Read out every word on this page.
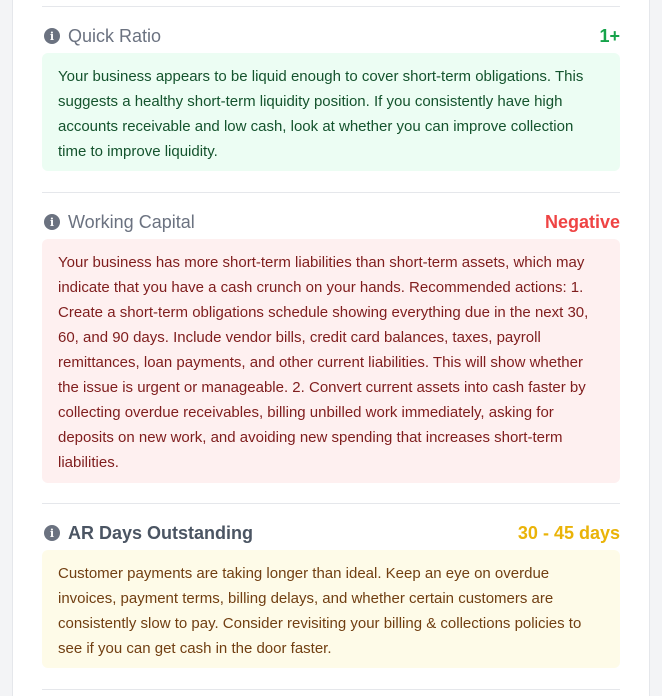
i Quick Ratio	1+
Your business appears to be liquid enough to cover short-term obligations. This suggests a healthy short-term liquidity position. If you consistently have high accounts receivable and low cash, look at whether you can improve collection time to improve liquidity.
i Working Capital	Negative
Your business has more short-term liabilities than short-term assets, which may indicate that you have a cash crunch on your hands. Recommended actions: 1. Create a short-term obligations schedule showing everything due in the next 30, 60, and 90 days. Include vendor bills, credit card balances, taxes, payroll remittances, loan payments, and other current liabilities. This will show whether the issue is urgent or manageable. 2. Convert current assets into cash faster by collecting overdue receivables, billing unbilled work immediately, asking for deposits on new work, and avoiding new spending that increases short-term liabilities.
i AR Days Outstanding	30 - 45 days
Customer payments are taking longer than ideal. Keep an eye on overdue invoices, payment terms, billing delays, and whether certain customers are consistently slow to pay. Consider revisiting your billing & collections policies to see if you can get cash in the door faster.
